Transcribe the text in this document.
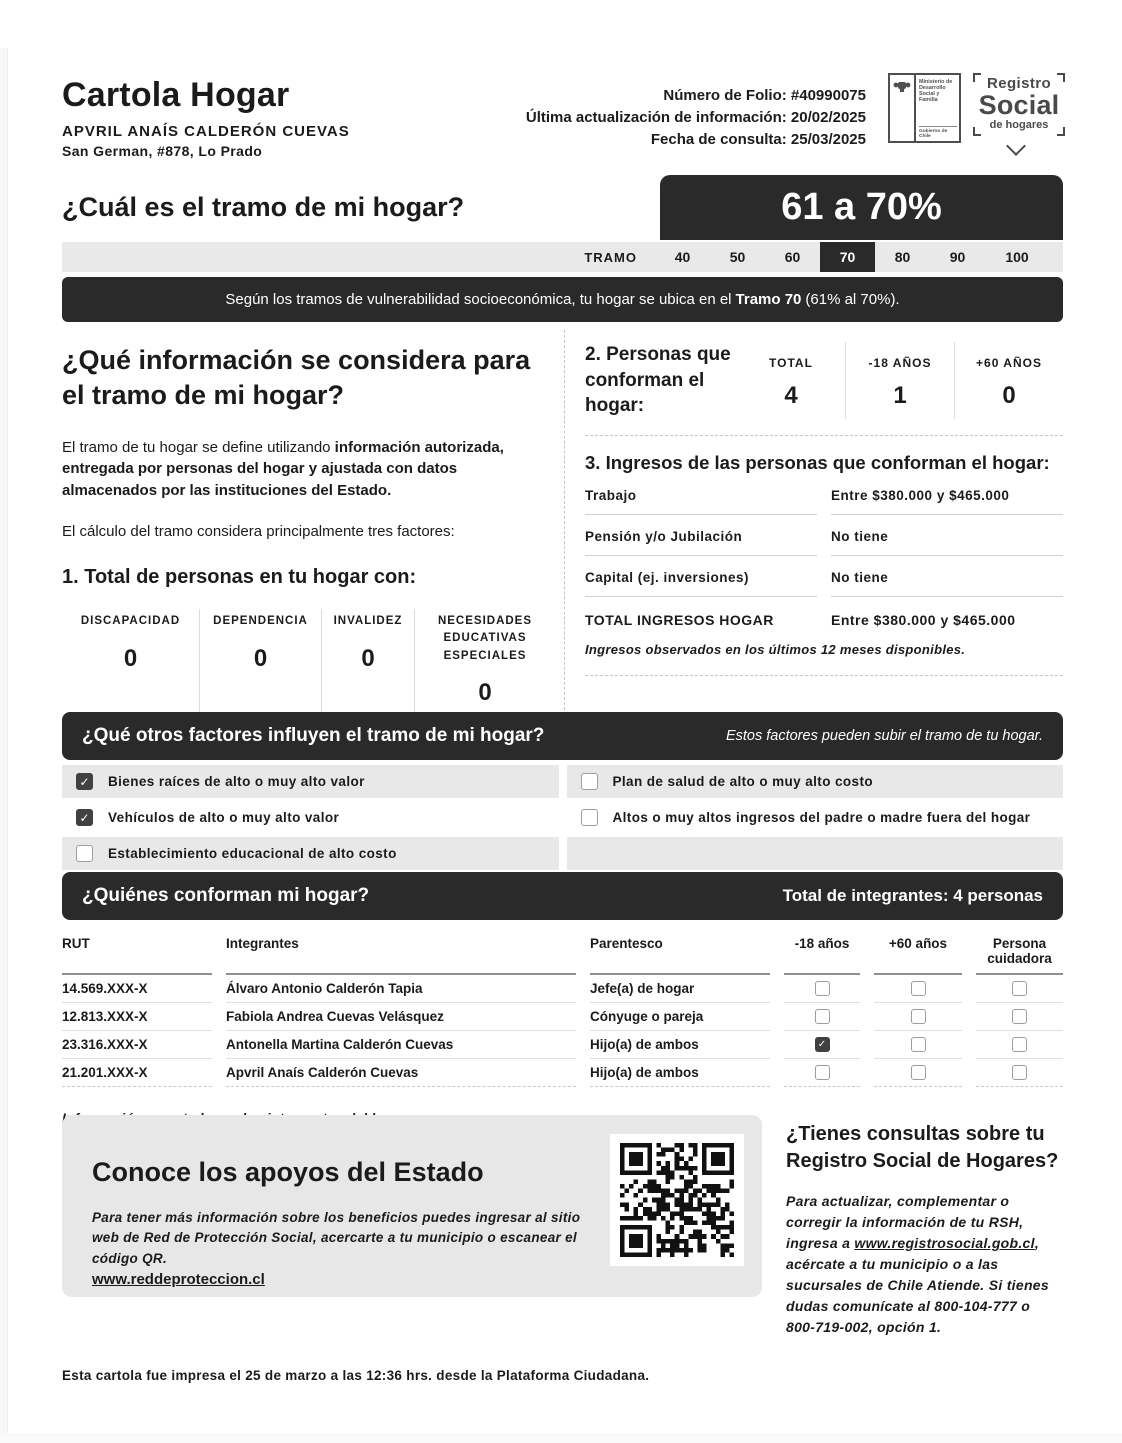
Cartola Hogar
APVRIL ANAÍS CALDERÓN CUEVAS
San German, #878, Lo Prado
Número de Folio: #40990075
Última actualización de información: 20/02/2025
Fecha de consulta: 25/03/2025
Ministerio de Desarrollo Social y Familia
Gobierno de Chile
Registro
Social
de hogares
¿Cuál es el tramo de mi hogar?	61 a 70%
TRAMO	40	50	60	70	80	90	100
Según los tramos de vulnerabilidad socioeconómica, tu hogar se ubica en el Tramo 70 (61% al 70%).
¿Qué información se considera para el tramo de mi hogar?
El tramo de tu hogar se define utilizando información autorizada, entregada por personas del hogar y ajustada con datos almacenados por las instituciones del Estado.
El cálculo del tramo considera principalmente tres factores:
1. Total de personas en tu hogar con:
DISCAPACIDAD
0
DEPENDENCIA
0
INVALIDEZ
0
NECESIDADES EDUCATIVAS ESPECIALES
0
2. Personas que conforman el hogar:
TOTAL
4
-18 AÑOS
1
+60 AÑOS
0
3. Ingresos de las personas que conforman el hogar:
Trabajo	Entre $380.000 y $465.000
Pensión y/o Jubilación	No tiene
Capital (ej. inversiones)	No tiene
TOTAL INGRESOS HOGAR	Entre $380.000 y $465.000
Ingresos observados en los últimos 12 meses disponibles.
¿Qué otros factores influyen el tramo de mi hogar?	Estos factores pueden subir el tramo de tu hogar.
✓ Bienes raíces de alto o muy alto valor	Plan de salud de alto o muy alto costo
✓ Vehículos de alto o muy alto valor	Altos o muy altos ingresos del padre o madre fuera del hogar
Establecimiento educacional de alto costo
¿Quiénes conforman mi hogar?	Total de integrantes: 4 personas
RUT	Integrantes	Parentesco	-18 años	+60 años	Persona cuidadora
14.569.XXX-X	Álvaro Antonio Calderón Tapia	Jefe(a) de hogar
12.813.XXX-X	Fabiola Andrea Cuevas Velásquez	Cónyuge o pareja
23.316.XXX-X	Antonella Martina Calderón Cuevas	Hijo(a) de ambos	✓
21.201.XXX-X	Apvril Anaís Calderón Cuevas	Hijo(a) de ambos
Conoce los apoyos del Estado
Para tener más información sobre los beneficios puedes ingresar al sitio web de Red de Protección Social, acercarte a tu municipio o escanear el código QR.
www.reddeproteccion.cl
¿Tienes consultas sobre tu Registro Social de Hogares?
Para actualizar, complementar o corregir la información de tu RSH, ingresa a www.registrosocial.gob.cl, acércate a tu municipio o a las sucursales de Chile Atiende. Si tienes dudas comunícate al 800-104-777 o 800-719-002, opción 1.
Esta cartola fue impresa el 25 de marzo a las 12:36 hrs. desde la Plataforma Ciudadana.
